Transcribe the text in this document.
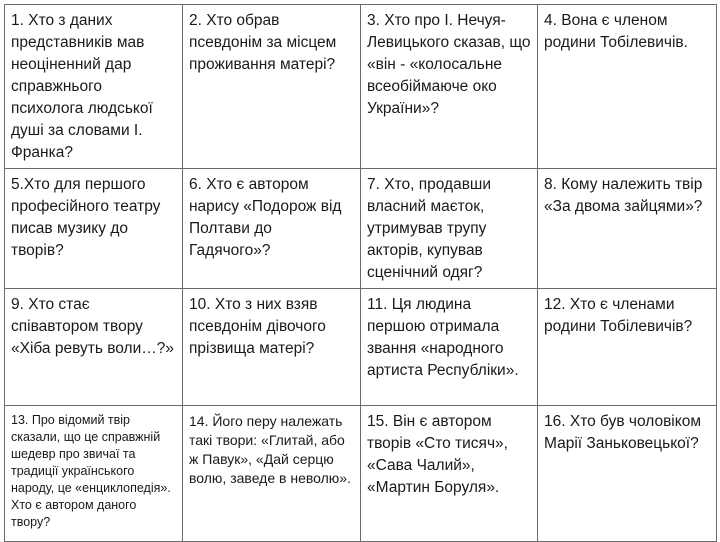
1. Хто з даних представників мав неоціненний дар справжнього психолога людської душі за словами І. Франка?	2. Хто обрав псевдонім за місцем проживання матері?	3. Хто про І. Нечуя-Левицького сказав, що «він - «колосальне всеобіймаюче око України»?	4. Вона є членом родини Тобілевичів.
5.Хто для першого професійного театру писав музику до творів?	6. Хто є автором нарису «Подорож від Полтави до Гадячого»?	7. Хто, продавши власний маєток, утримував трупу акторів, купував сценічний одяг?	8. Кому належить твір «За двома зайцями»?
9. Хто стає співавтором твору «Хіба ревуть воли…?»	10. Хто з них взяв псевдонім дівочого прізвища матері?	11. Ця людина першою отримала звання «народного артиста Республіки».	12. Хто є членами родини Тобілевичів?
13. Про відомий твір сказали, що це справжній шедевр про звичаї та традиції українського народу, це «енциклопедія». Хто є автором даного твору?	14. Його перу належать такі твори: «Глитай, або ж Павук», «Дай серцю волю, заведе в неволю».	15. Він є автором творів «Сто тисяч», «Сава Чалий», «Мартин Боруля».	16. Хто був чоловіком Марії Заньковецької?
